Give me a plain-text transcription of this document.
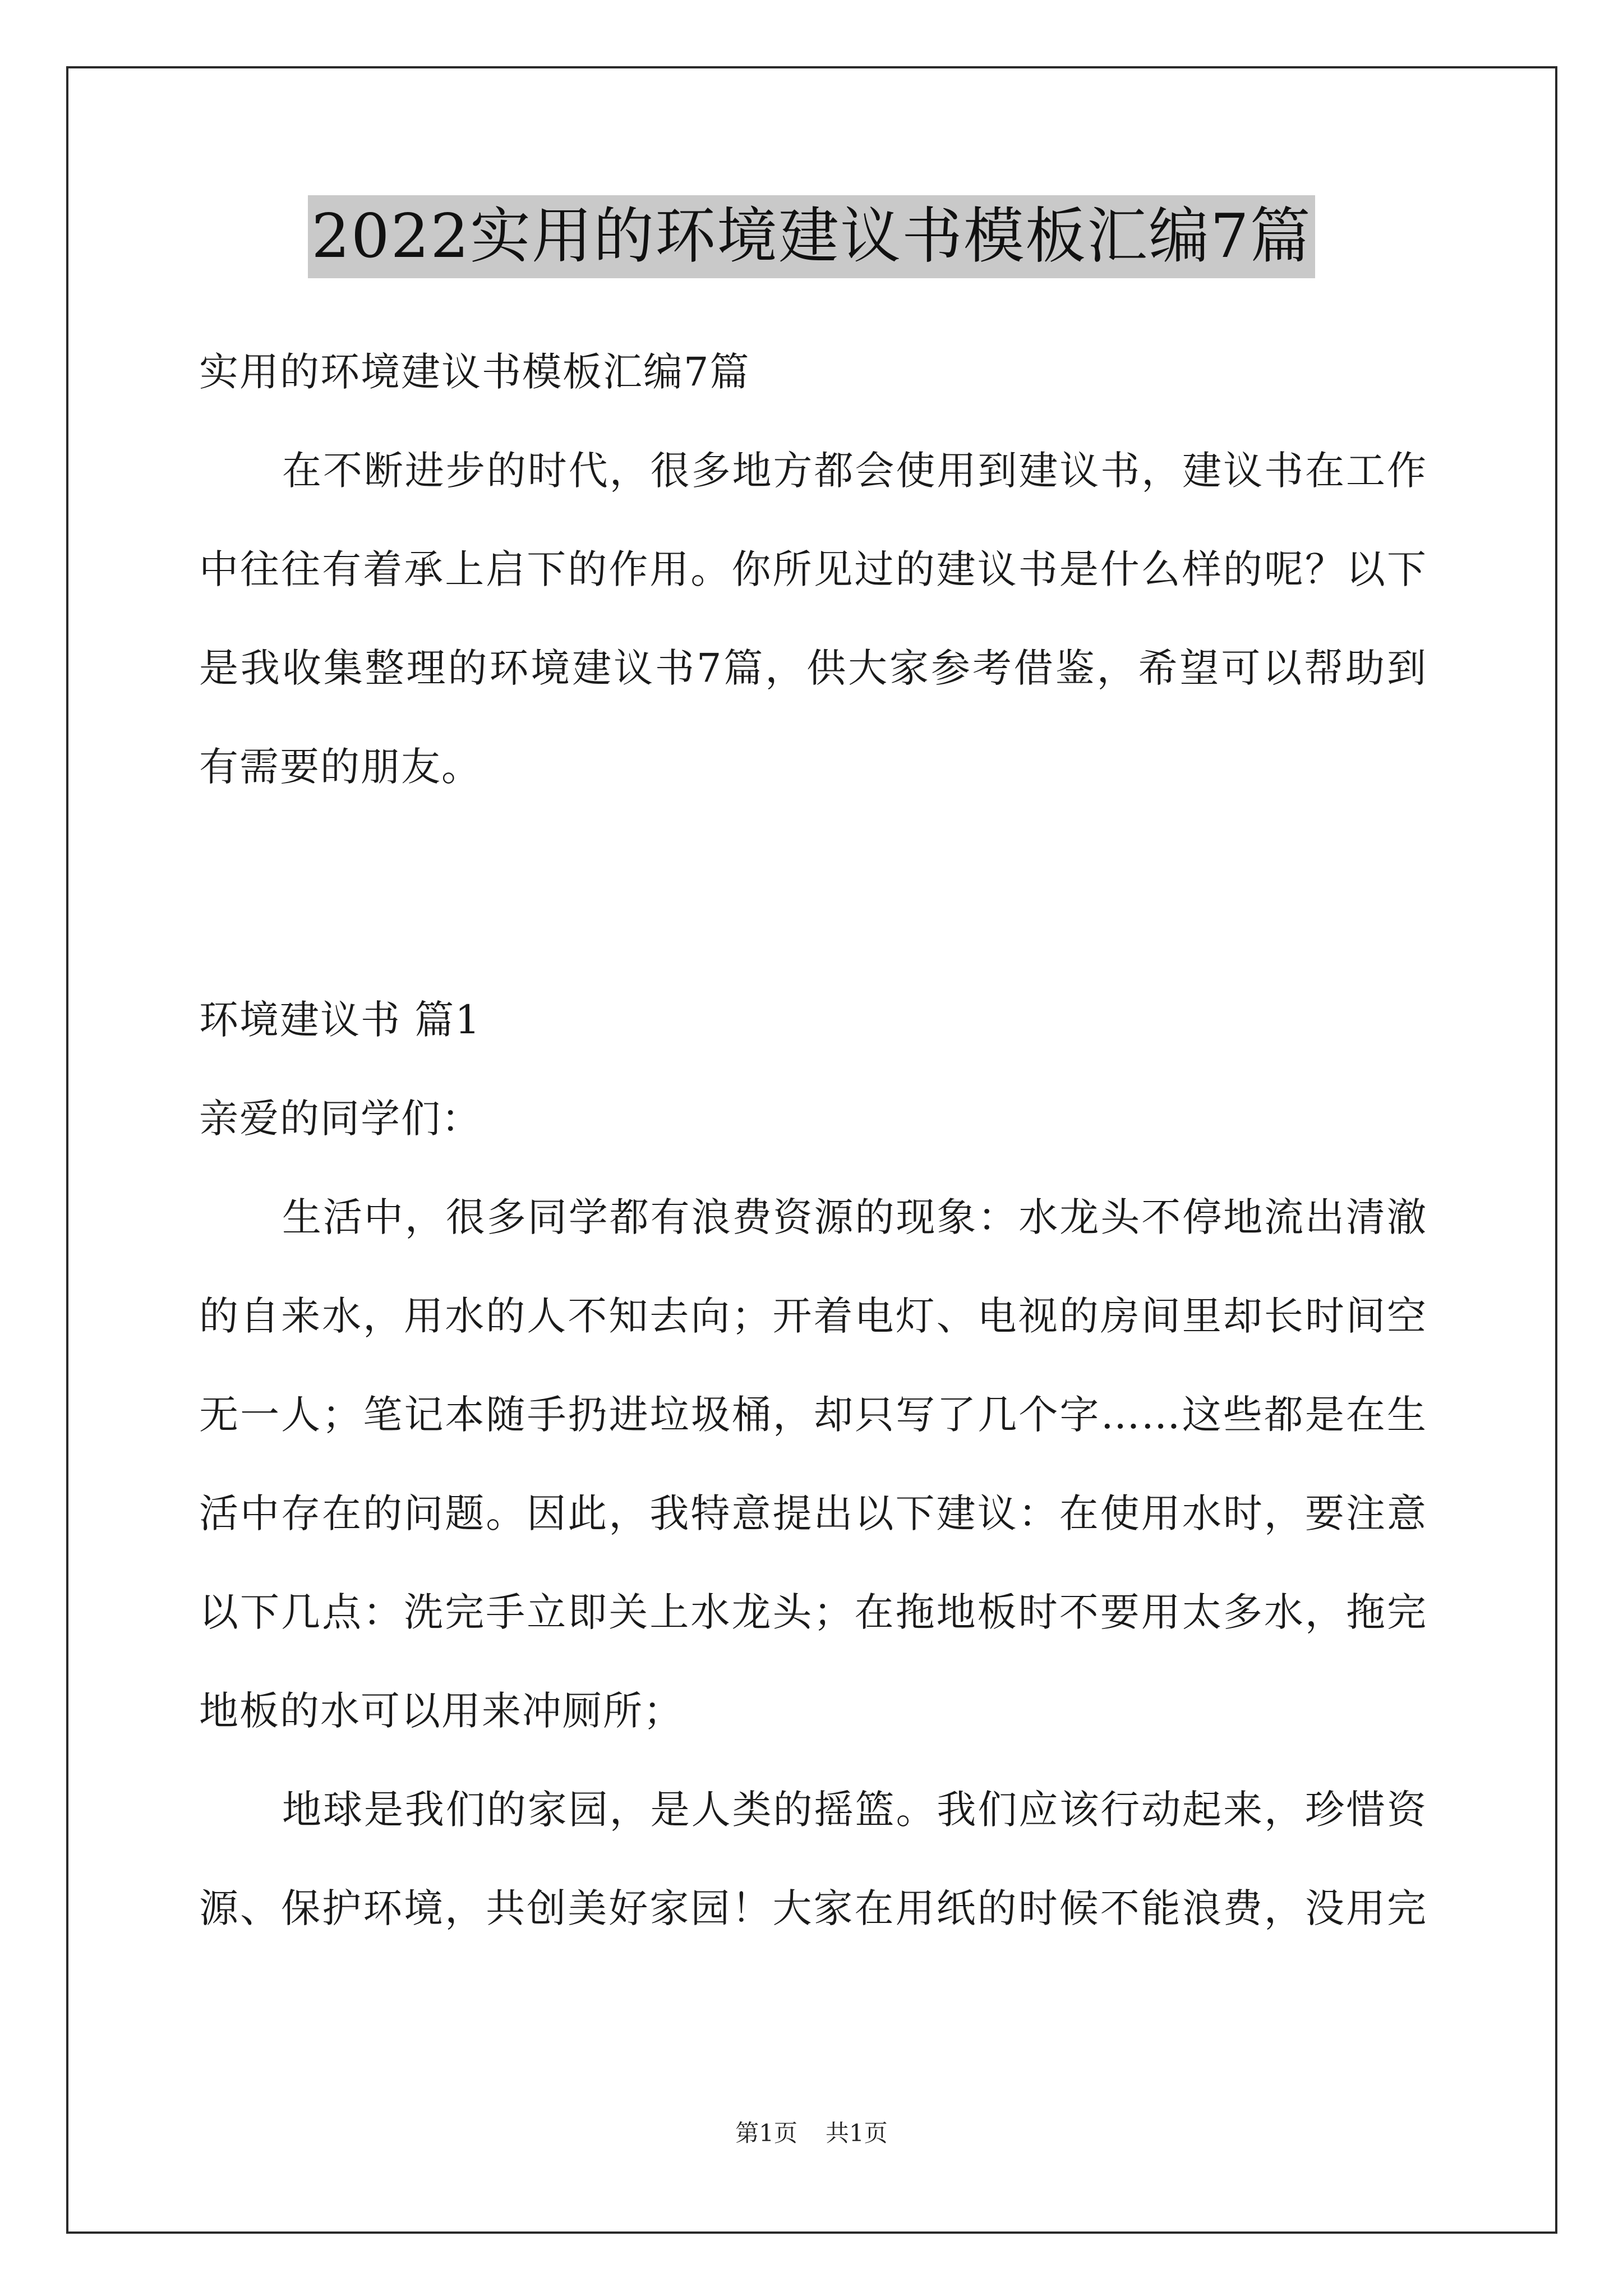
2022实用的环境建议书模板汇编7篇
实用的环境建议书模板汇编7篇
在不断进步的时代，很多地方都会使用到建议书，建议书在工作
中往往有着承上启下的作用。你所见过的建议书是什么样的呢？以下
是我收集整理的环境建议书7篇，供大家参考借鉴，希望可以帮助到
有需要的朋友。
环境建议书 篇1
亲爱的同学们：
生活中，很多同学都有浪费资源的现象：水龙头不停地流出清澈
的自来水，用水的人不知去向；开着电灯、电视的房间里却长时间空
无一人；笔记本随手扔进垃圾桶，却只写了几个字……这些都是在生
活中存在的问题。因此，我特意提出以下建议：在使用水时，要注意
以下几点：洗完手立即关上水龙头；在拖地板时不要用太多水，拖完
地板的水可以用来冲厕所；
地球是我们的家园，是人类的摇篮。我们应该行动起来，珍惜资
源、保护环境，共创美好家园！大家在用纸的时候不能浪费，没用完
第1页 共1页
